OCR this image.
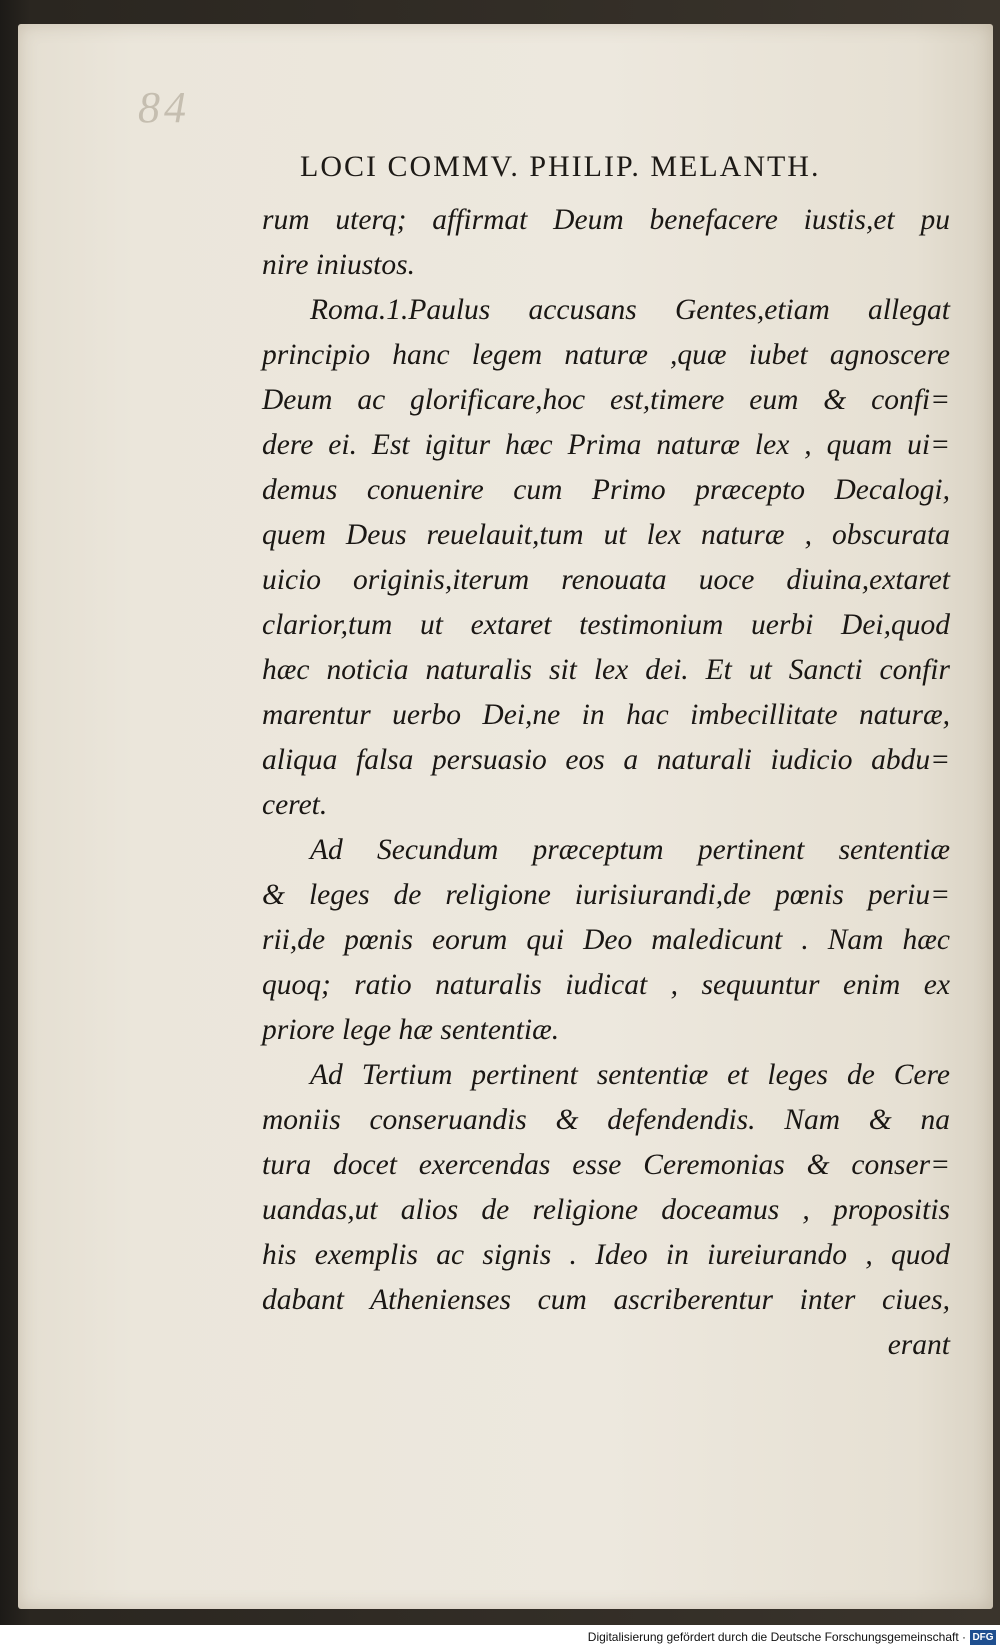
84
LOCI COMMV. PHILIP. MELANTH.
rum uterq; affirmat Deum benefacere iustis,et pu
nire iniustos.
Roma.1.Paulus accusans Gentes,etiam allegat
principio hanc legem naturæ ,quæ iubet agnoscere
Deum ac glorificare,hoc est,timere eum & confi=
dere ei. Est igitur hæc Prima naturæ lex , quam ui=
demus conuenire cum Primo præcepto Decalogi,
quem Deus reuelauit,tum ut lex naturæ , obscurata
uicio originis,iterum renouata uoce diuina,extaret
clarior,tum ut extaret testimonium uerbi Dei,quod
hæc noticia naturalis sit lex dei. Et ut Sancti confir
marentur uerbo Dei,ne in hac imbecillitate naturæ,
aliqua falsa persuasio eos a naturali iudicio abdu=
ceret.
Ad Secundum præceptum pertinent sententiæ
& leges de religione iurisiurandi,de pœnis periu=
rii,de pœnis eorum qui Deo maledicunt . Nam hæc
quoq; ratio naturalis iudicat , sequuntur enim ex
priore lege hæ sententiæ.
Ad Tertium pertinent sententiæ et leges de Cere
moniis conseruandis & defendendis. Nam & na
tura docet exercendas esse Ceremonias & conser=
uandas,ut alios de religione doceamus , propositis
his exemplis ac signis . Ideo in iureiurando , quod
dabant Athenienses cum ascriberentur inter ciues,
erant
Digitalisierung gefördert durch die Deutsche Forschungsgemeinschaft · DFG
